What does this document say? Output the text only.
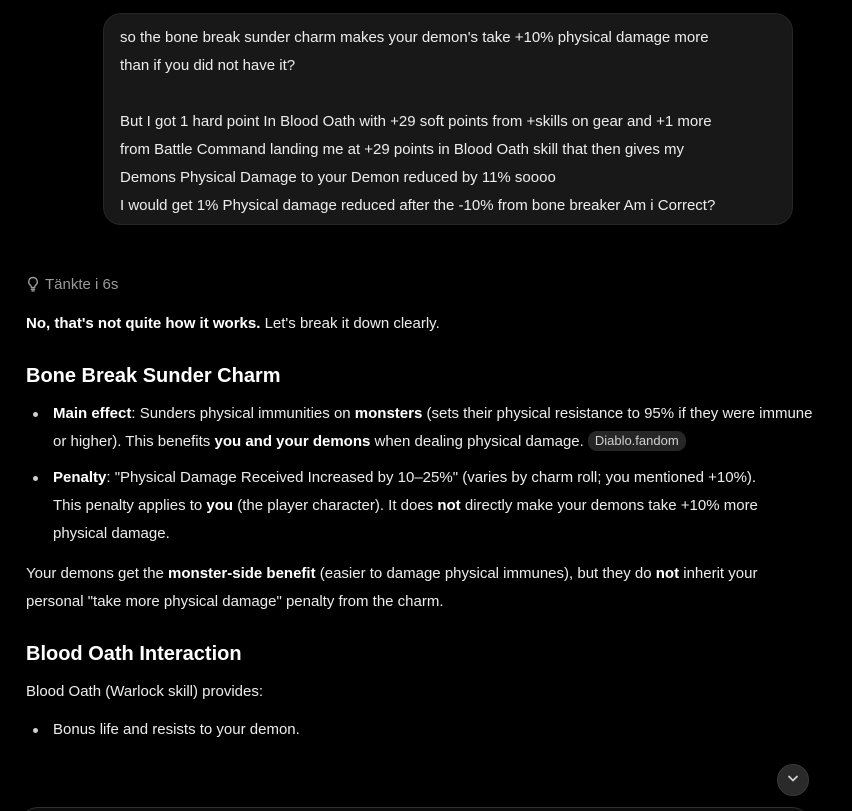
so the bone break sunder charm makes your demon's take +10% physical damage more

than if you did not have it?

But I got 1 hard point In Blood Oath with +29 soft points from +skills on gear and +1 more

from Battle Command landing me at +29 points in Blood Oath skill that then gives my

Demons Physical Damage to your Demon reduced by 11% soooo

I would get 1% Physical damage reduced after the -10% from bone breaker Am i Correct?

Tänkte i 6s

No, that's not quite how it works. Let's break it down clearly.

Bone Break Sunder Charm
Main effect: Sunders physical immunities on monsters (sets their physical resistance to 95% if they were immune or higher). This benefits you and your demons when dealing physical damage. Diablo.fandom
Penalty: "Physical Damage Received Increased by 10–25%" (varies by charm roll; you mentioned +10%).
This penalty applies to you (the player character). It does not directly make your demons take +10% more physical damage.

Your demons get the monster-side benefit (easier to damage physical immunes), but they do not inherit your personal "take more physical damage" penalty from the charm.

Blood Oath Interaction

Blood Oath (Warlock skill) provides:

Bonus life and resists to your demon.
